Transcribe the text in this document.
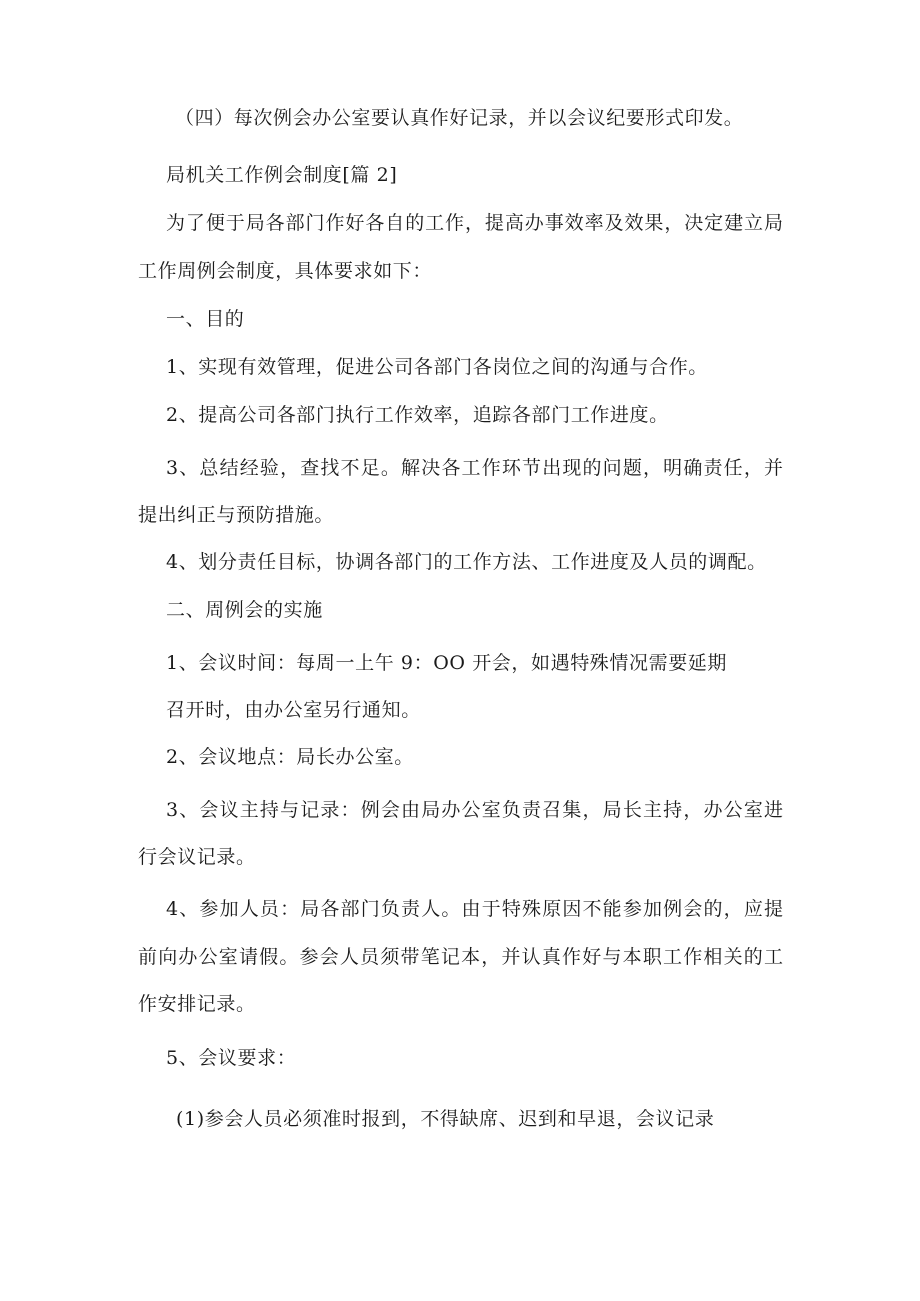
（四）每次例会办公室要认真作好记录，并以会议纪要形式印发。
局机关工作例会制度[篇 2]
为了便于局各部门作好各自的工作，提高办事效率及效果，决定建立局
工作周例会制度，具体要求如下：
一、目的
1、实现有效管理，促进公司各部门各岗位之间的沟通与合作。
2、提高公司各部门执行工作效率，追踪各部门工作进度。
3、总结经验，查找不足。解决各工作环节出现的问题，明确责任，并
提出纠正与预防措施。
4、划分责任目标，协调各部门的工作方法、工作进度及人员的调配。
二、周例会的实施
1、会议时间：每周一上午 9：OO 开会，如遇特殊情况需要延期
召开时，由办公室另行通知。
2、会议地点：局长办公室。
3、会议主持与记录：例会由局办公室负责召集，局长主持，办公室进
行会议记录。
4、参加人员：局各部门负责人。由于特殊原因不能参加例会的，应提
前向办公室请假。参会人员须带笔记本，并认真作好与本职工作相关的工
作安排记录。
5、会议要求：
(1)参会人员必须准时报到，不得缺席、迟到和早退，会议记录
